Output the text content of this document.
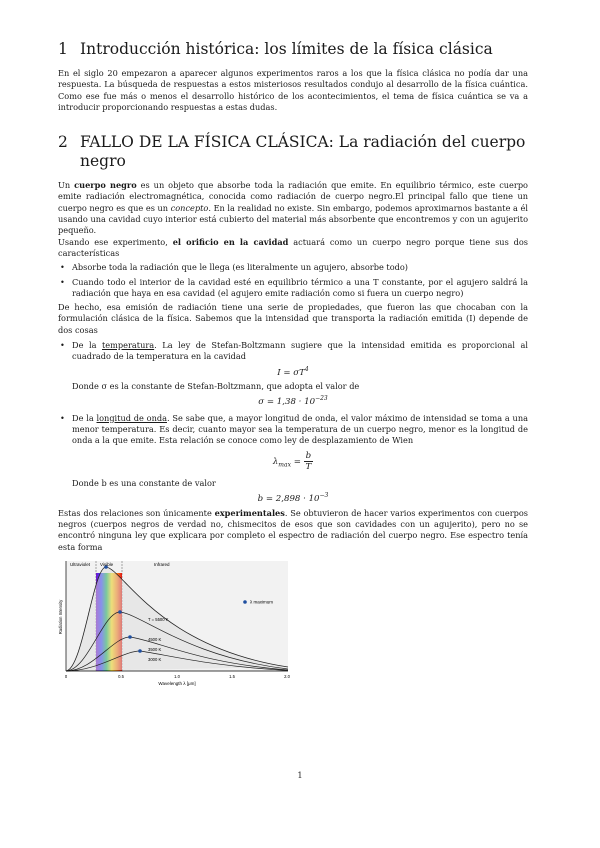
1 Introducción histórica: los límites de la física clásica

En el siglo 20 empezaron a aparecer algunos experimentos raros a los que la física clásica no podía dar una respuesta. La búsqueda de respuestas a estos misteriosos resultados condujo al desarrollo de la física cuántica. Como ese fue más o menos el desarrollo histórico de los acontecimientos, el tema de física cuántica se va a introducir proporcionando respuestas a estas dudas.

2 FALLO DE LA FÍSICA CLÁSICA: La radiación del cuerpo negro

Un cuerpo negro es un objeto que absorbe toda la radiación que emite. En equilibrio térmico, este cuerpo emite radiación electromagnética, conocida como radiación de cuerpo negro.El principal fallo que tiene un cuerpo negro es que es un concepto. En la realidad no existe. Sin embargo, podemos aproximarnos bastante a él usando una cavidad cuyo interior está cubierto del material más absorbente que encontremos y con un agujerito pequeño.

Usando ese experimento, el orificio en la cavidad actuará como un cuerpo negro porque tiene sus dos características

• Absorbe toda la radiación que le llega (es literalmente un agujero, absorbe todo)
• Cuando todo el interior de la cavidad esté en equilibrio térmico a una T constante, por el agujero saldrá la radiación que haya en esa cavidad (el agujero emite radiación como si fuera un cuerpo negro)

De hecho, esa emisión de radiación tiene una serie de propiedades, que fueron las que chocaban con la formulación clásica de la física. Sabemos que la intensidad que transporta la radiación emitida (I) depende de dos cosas

• De la temperatura. La ley de Stefan-Boltzmann sugiere que la intensidad emitida es proporcional al cuadrado de la temperatura en la cavidad
$I = \sigma T^4$

Donde σ es la constante de Stefan-Boltzmann, que adopta el valor de

$\sigma = 1,38 \cdot 10^{-23}$
• De la longitud de onda. Se sabe que, a mayor longitud de onda, el valor máximo de intensidad se toma a una menor temperatura. Es decir, cuanto mayor sea la temperatura de un cuerpo negro, menor es la longitud de onda a la que emite. Esta relación se conoce como ley de desplazamiento de Wien
$\lambda_{max} = \frac{b}{T}$

Donde b es una constante de valor

$b = 2,898 \cdot 10^{-3}$

Estas dos relaciones son únicamente experimentales. Se obtuvieron de hacer varios experimentos con cuerpos negros (cuerpos negros de verdad no, chismecitos de esos que son cavidades con un agujerito), pero no se encontró ninguna ley que explicara por completo el espectro de radiación del cuerpo negro. Ese espectro tenía esta forma

Ultraviolet Visible	Infrared
λ maximum
T = 5500 K
4500 K
3500 K
3000 K
Radiation Intensity
0	0.5	1.0	1.5	2.0
Wavelength λ [μm]
1
